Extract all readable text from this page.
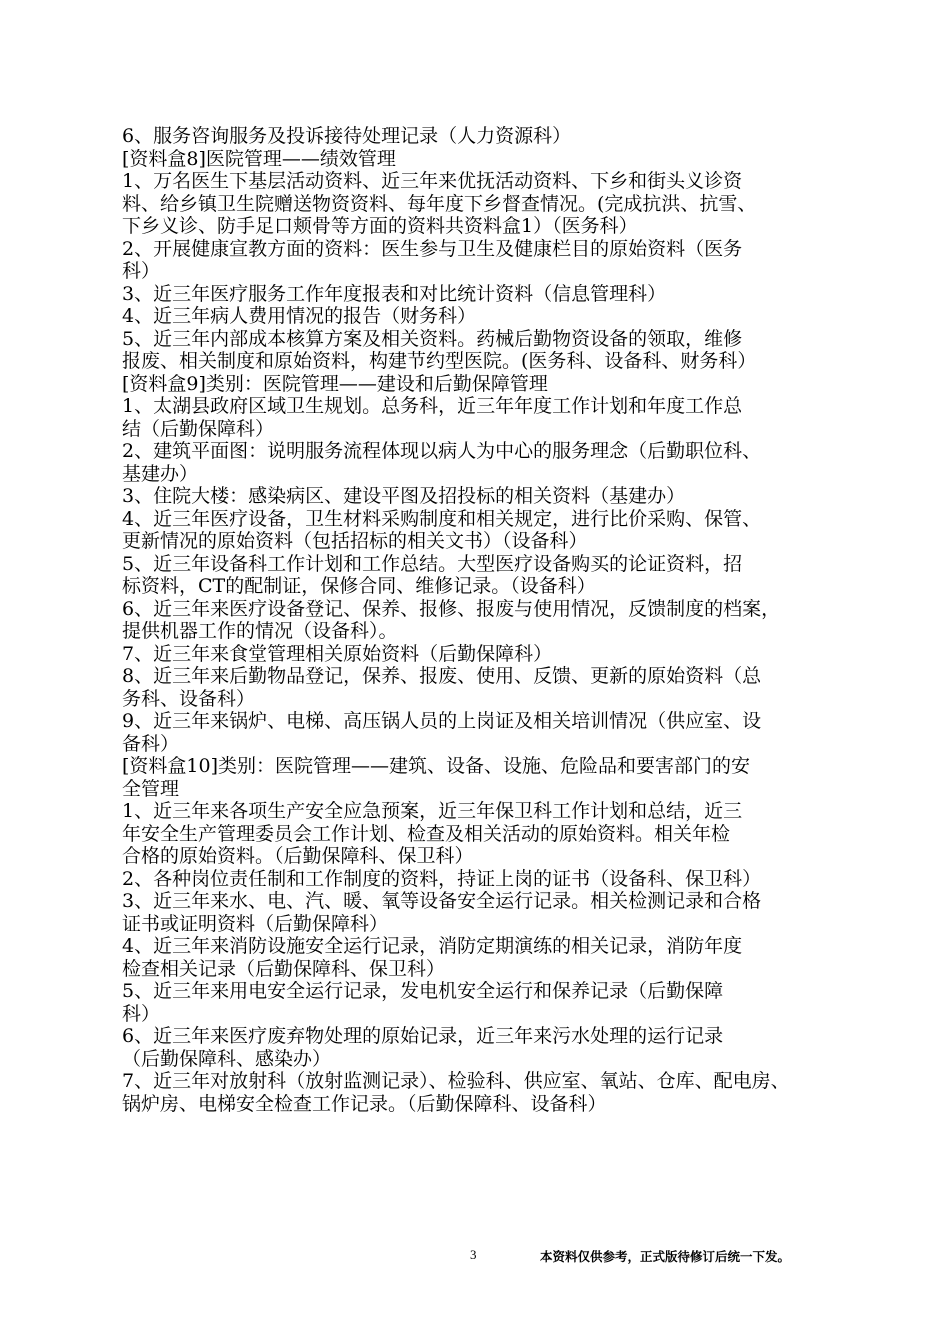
6、服务咨询服务及投诉接待处理记录（人力资源科）
[资料盒8]医院管理——绩效管理
1、万名医生下基层活动资料、近三年来优抚活动资料、下乡和街头义诊资
料、给乡镇卫生院赠送物资资料、每年度下乡督查情况。(完成抗洪、抗雪、
下乡义诊、防手足口颊骨等方面的资料共资料盒1）（医务科）
2、开展健康宣教方面的资料：医生参与卫生及健康栏目的原始资料（医务
科）
3、近三年医疗服务工作年度报表和对比统计资料（信息管理科）
4、近三年病人费用情况的报告（财务科）
5、近三年内部成本核算方案及相关资料。药械后勤物资设备的领取，维修
报废、相关制度和原始资料，构建节约型医院。(医务科、设备科、财务科）
[资料盒9]类别：医院管理——建设和后勤保障管理
1、太湖县政府区域卫生规划。总务科，近三年年度工作计划和年度工作总
结（后勤保障科）
2、建筑平面图：说明服务流程体现以病人为中心的服务理念（后勤职位科、
基建办）
3、住院大楼：感染病区、建设平图及招投标的相关资料（基建办）
4、近三年医疗设备，卫生材料采购制度和相关规定，进行比价采购、保管、
更新情况的原始资料（包括招标的相关文书）（设备科）
5、近三年设备科工作计划和工作总结。大型医疗设备购买的论证资料，招
标资料，CT的配制证，保修合同、维修记录。（设备科）
6、近三年来医疗设备登记、保养、报修、报废与使用情况，反馈制度的档案，
提供机器工作的情况（设备科）。
7、近三年来食堂管理相关原始资料（后勤保障科）
8、近三年来后勤物品登记，保养、报废、使用、反馈、更新的原始资料（总
务科、设备科）
9、近三年来锅炉、电梯、高压锅人员的上岗证及相关培训情况（供应室、设
备科）
[资料盒10]类别：医院管理——建筑、设备、设施、危险品和要害部门的安
全管理
1、近三年来各项生产安全应急预案，近三年保卫科工作计划和总结，近三
年安全生产管理委员会工作计划、检查及相关活动的原始资料。相关年检
合格的原始资料。（后勤保障科、保卫科）
2、各种岗位责任制和工作制度的资料，持证上岗的证书（设备科、保卫科）
3、近三年来水、电、汽、暖、氧等设备安全运行记录。相关检测记录和合格
证书或证明资料（后勤保障科）
4、近三年来消防设施安全运行记录，消防定期演练的相关记录，消防年度
检查相关记录（后勤保障科、保卫科）
5、近三年来用电安全运行记录，发电机安全运行和保养记录（后勤保障
科）
6、近三年来医疗废弃物处理的原始记录，近三年来污水处理的运行记录
（后勤保障科、感染办）
7、近三年对放射科（放射监测记录）、检验科、供应室、氧站、仓库、配电房、
锅炉房、电梯安全检查工作记录。（后勤保障科、设备科）
3	本资料仅供参考，正式版待修订后统一下发。
